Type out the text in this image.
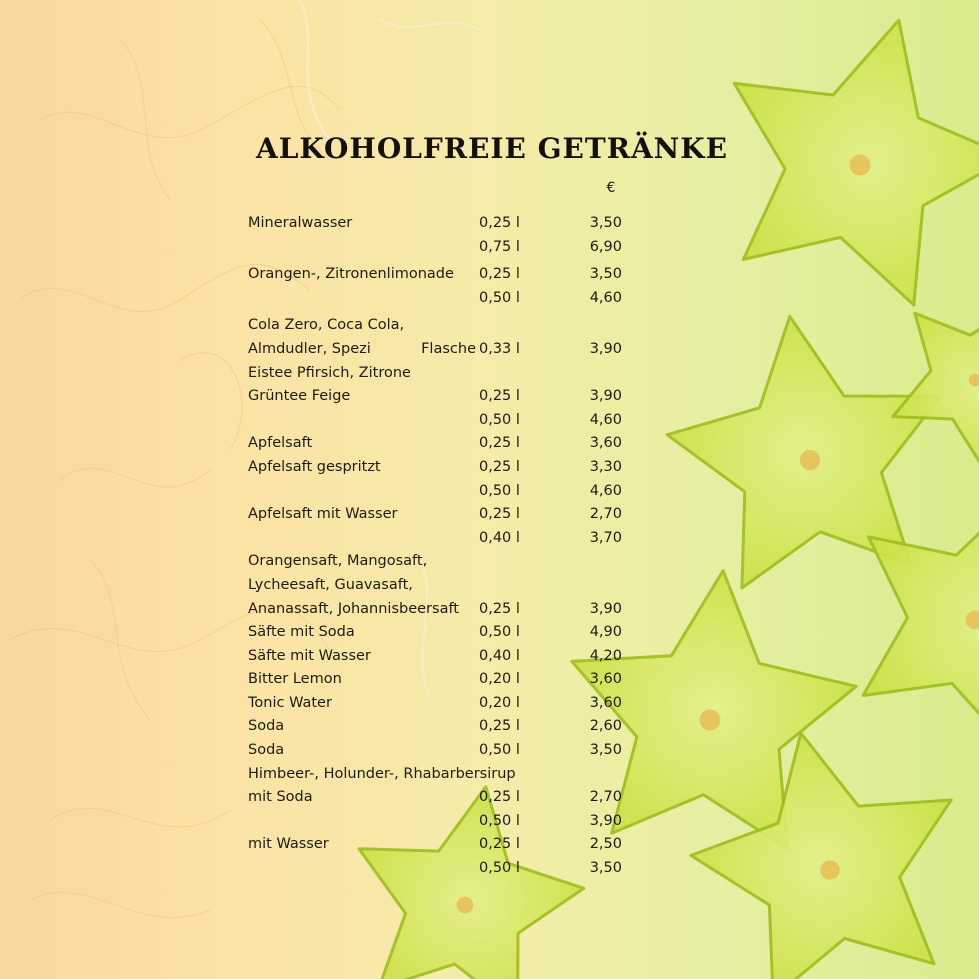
ALKOHOLFREIE GETRÄNKE
€
Mineralwasser	0,25 l	3,50
0,75 l	6,90
Orangen-, Zitronenlimonade 0,25 l	3,50
0,50 l	4,60
Cola Zero, Coca Cola,
Almdudler, Spezi	Flasche 0,33 l	3,90
Eistee Pfirsich, Zitrone
Grüntee Feige	0,25 l	3,90
0,50 l	4,60
Apfelsaft	0,25 l	3,60
Apfelsaft gespritzt	0,25 l	3,30
0,50 l	4,60
Apfelsaft mit Wasser	0,25 l	2,70
0,40 l	3,70
Orangensaft, Mangosaft,
Lycheesaft, Guavasaft,
Ananassaft, Johannisbeersaft 0,25 l	3,90
Säfte mit Soda	0,50 l	4,90
Säfte mit Wasser	0,40 l	4,20
Bitter Lemon	0,20 l	3,60
Tonic Water	0,20 l	3,60
Soda	0,25 l	2,60
Soda	0,50 l	3,50
Himbeer-, Holunder-, Rhabarbersirup
mit Soda	0,25 l	2,70
0,50 l	3,90
mit Wasser	0,25 l	2,50
0,50 l	3,50
